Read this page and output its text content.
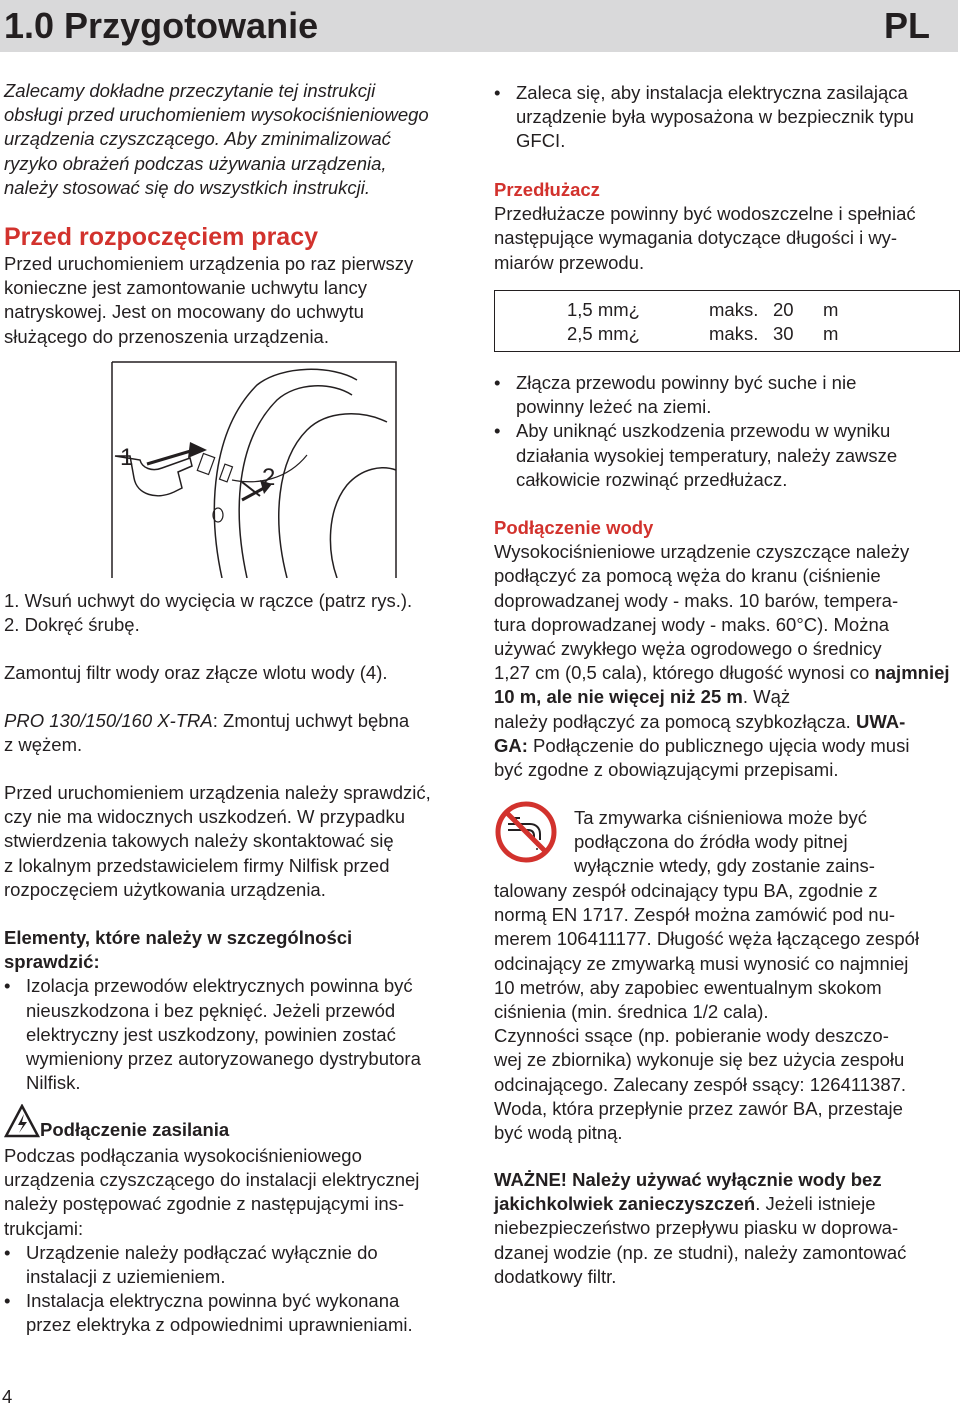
1.0 Przygotowanie	PL

Zalecamy dokładne przeczytanie tej instrukcji
obsługi przed uruchomieniem wysokociśnieniowego
urządzenia czyszczącego. Aby zminimalizować
ryzyko obrażeń podczas używania urządzenia,
należy stosować się do wszystkich instrukcji.

Przed rozpoczęciem pracy

Przed uruchomieniem urządzenia po raz pierwszy
konieczne jest zamontowanie uchwytu lancy
natryskowej. Jest on mocowany do uchwytu
służącego do przenoszenia urządzenia.

1
2

1. Wsuń uchwyt do wycięcia w rączce (patrz rys.).
2. Dokręć śrubę.

Zamontuj filtr wody oraz złącze wlotu wody (4).

PRO 130/150/160 X-TRA: Zmontuj uchwyt bębna
z wężem.

Przed uruchomieniem urządzenia należy sprawdzić,
czy nie ma widocznych uszkodzeń. W przypadku
stwierdzenia takowych należy skontaktować się
z lokalnym przedstawicielem firmy Nilfisk przed
rozpoczęciem użytkowania urządzenia.

Elementy, które należy w szczególności
sprawdzić:

• Izolacja przewodów elektrycznych powinna być
nieuszkodzona i bez pęknięć. Jeżeli przewód
elektryczny jest uszkodzony, powinien zostać
wymieniony przez autoryzowanego dystrybutora
Nilfisk.

Podłączenie zasilania

Podczas podłączania wysokociśnieniowego
urządzenia czyszczącego do instalacji elektrycznej
należy postępować zgodnie z następującymi ins-
trukcjami:

• Urządzenie należy podłączać wyłącznie do
instalacji z uziemieniem.

• Instalacja elektryczna powinna być wykonana
przez elektryka z odpowiednimi uprawnieniami.

• Zaleca się, aby instalacja elektryczna zasilająca
urządzenie była wyposażona w bezpiecznik typu
GFCI.

Przedłużacz

Przedłużacze powinny być wodoszczelne i spełniać
następujące wymagania dotyczące długości i wy-
miarów przewodu.

1,5 mm¿	maks. 20 m
2,5 mm¿	maks. 30 m

• Złącza przewodu powinny być suche i nie
powinny leżeć na ziemi.

• Aby uniknąć uszkodzenia przewodu w wyniku
działania wysokiej temperatury, należy zawsze
całkowicie rozwinąć przedłużacz.

Podłączenie wody

Wysokociśnieniowe urządzenie czyszczące należy
podłączyć za pomocą węża do kranu (ciśnienie
doprowadzanej wody - maks. 10 barów, tempera-
tura doprowadzanej wody - maks. 60°C). Można
używać zwykłego węża ogrodowego o średnicy
1,27 cm (0,5 cala), którego długość wynosi co najmniej 10 m, ale nie więcej niż 25 m. Wąż
należy podłączyć za pomocą szybkozłącza. UWA-
GA: Podłączenie do publicznego ujęcia wody musi
być zgodne z obowiązującymi przepisami.

Ta zmywarka ciśnieniowa może być
podłączona do źródła wody pitnej
wyłącznie wtedy, gdy zostanie zains-

talowany zespół odcinający typu BA, zgodnie z
normą EN 1717. Zespół można zamówić pod nu-
merem 106411177. Długość węża łączącego zespół
odcinający ze zmywarką musi wynosić co najmniej
10 metrów, aby zapobiec ewentualnym skokom
ciśnienia (min. średnica 1/2 cala).
Czynności ssące (np. pobieranie wody deszczo-
wej ze zbiornika) wykonuje się bez użycia zespołu
odcinającego. Zalecany zespół ssący: 126411387.
Woda, która przepłynie przez zawór BA, przestaje
być wodą pitną.

WAŻNE! Należy używać wyłącznie wody bez
jakichkolwiek zanieczyszczeń. Jeżeli istnieje
niebezpieczeństwo przepływu piasku w doprowa-
dzanej wodzie (np. ze studni), należy zamontować
dodatkowy filtr.

4
